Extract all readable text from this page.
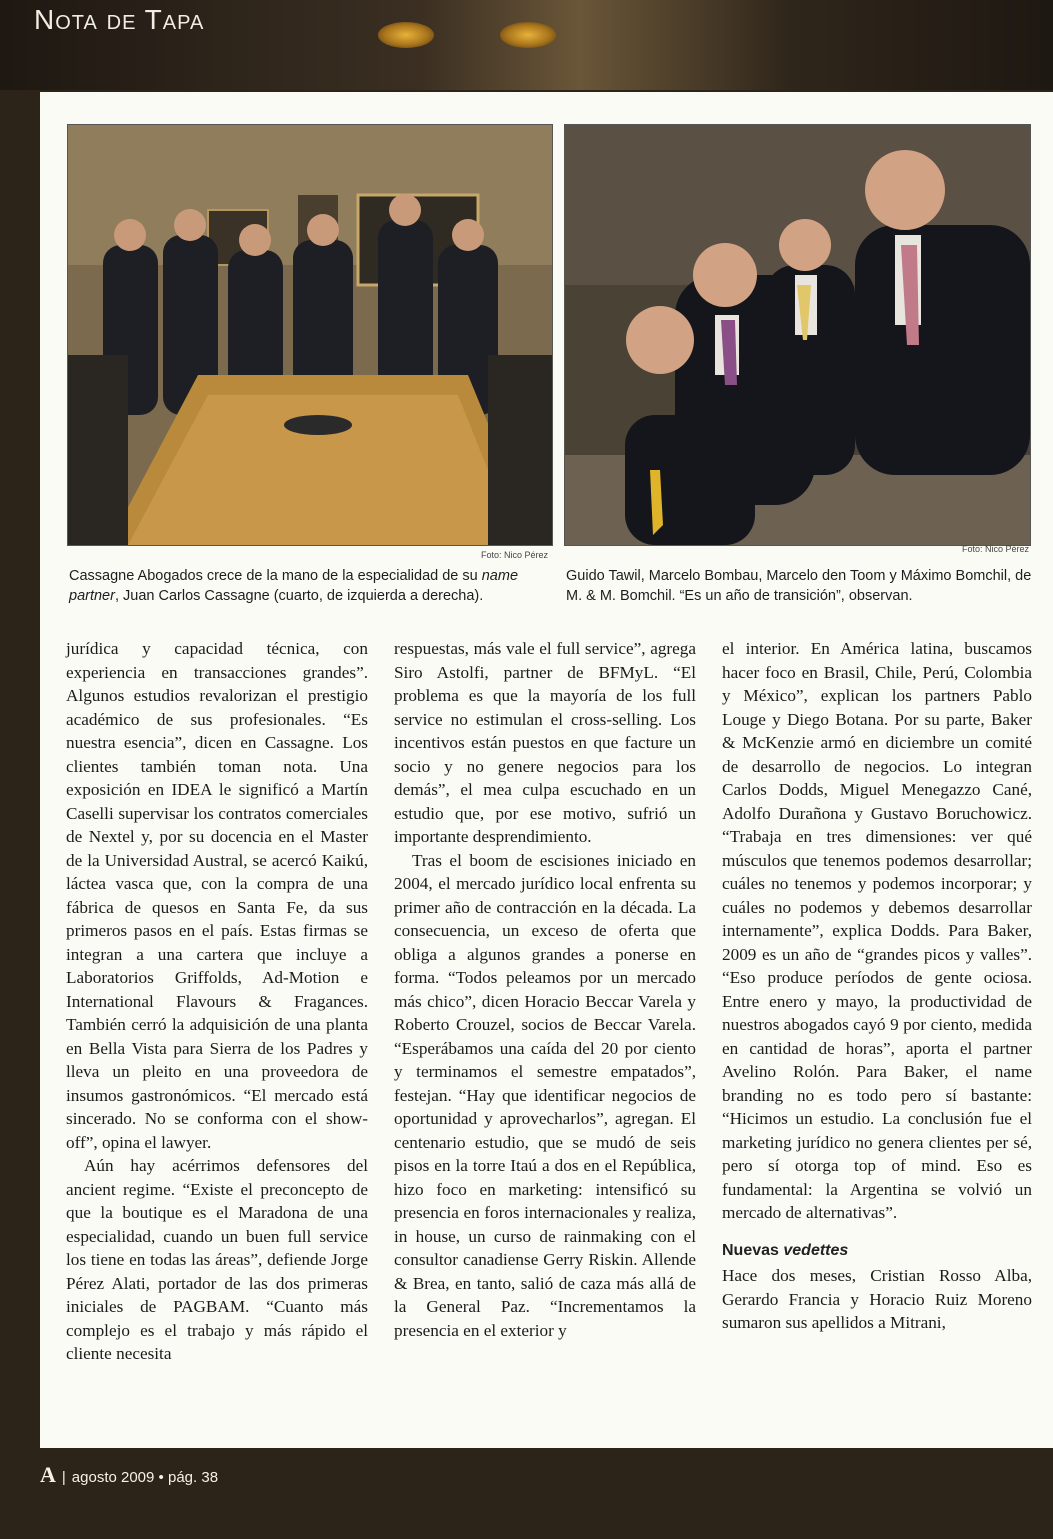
Nota de Tapa
Foto: Nico Pérez
Foto: Nico Pérez
Cassagne Abogados crece de la mano de la especialidad de su name partner, Juan Carlos Cassagne (cuarto, de izquierda a derecha).
Guido Tawil, Marcelo Bombau, Marcelo den Toom y Máximo Bomchil, de M. & M. Bomchil. “Es un año de transición”, observan.

jurídica y capacidad técnica, con experiencia en transacciones grandes”. Algunos estudios revalorizan el prestigio académico de sus profesionales. “Es nuestra esencia”, dicen en Cassagne. Los clientes también toman nota. Una exposición en IDEA le significó a Martín Caselli supervisar los contratos comerciales de Nextel y, por su docencia en el Master de la Universidad Austral, se acercó Kaikú, láctea vasca que, con la compra de una fábrica de quesos en Santa Fe, da sus primeros pasos en el país. Estas firmas se integran a una cartera que incluye a Laboratorios Griffolds, Ad-Motion e International Flavours & Fragances. También cerró la adquisición de una planta en Bella Vista para Sierra de los Padres y lleva un pleito en una proveedora de insumos gastronómicos. “El mercado está sincerado. No se conforma con el show-off”, opina el lawyer.

Aún hay acérrimos defensores del ancient regime. “Existe el preconcepto de que la boutique es el Maradona de una especialidad, cuando un buen full service los tiene en todas las áreas”, defiende Jorge Pérez Alati, portador de las dos primeras iniciales de PAGBAM. “Cuanto más complejo es el trabajo y más rápido el cliente necesita

respuestas, más vale el full service”, agrega Siro Astolfi, partner de BFMyL. “El problema es que la mayoría de los full service no estimulan el cross-selling. Los incentivos están puestos en que facture un socio y no genere negocios para los demás”, el mea culpa escuchado en un estudio que, por ese motivo, sufrió un importante desprendimiento.

Tras el boom de escisiones iniciado en 2004, el mercado jurídico local enfrenta su primer año de contracción en la década. La consecuencia, un exceso de oferta que obliga a algunos grandes a ponerse en forma. “Todos peleamos por un mercado más chico”, dicen Horacio Beccar Varela y Roberto Crouzel, socios de Beccar Varela. “Esperábamos una caída del 20 por ciento y terminamos el semestre empatados”, festejan. “Hay que identificar negocios de oportunidad y aprovecharlos”, agregan. El centenario estudio, que se mudó de seis pisos en la torre Itaú a dos en el República, hizo foco en marketing: intensificó su presencia en foros internacionales y realiza, in house, un curso de rainmaking con el consultor canadiense Gerry Riskin. Allende & Brea, en tanto, salió de caza más allá de la General Paz. “Incrementamos la presencia en el exterior y

el interior. En América latina, buscamos hacer foco en Brasil, Chile, Perú, Colombia y México”, explican los partners Pablo Louge y Diego Botana. Por su parte, Baker & McKenzie armó en diciembre un comité de desarrollo de negocios. Lo integran Carlos Dodds, Miguel Menegazzo Cané, Adolfo Durañona y Gustavo Boruchowicz. “Trabaja en tres dimensiones: ver qué músculos que tenemos podemos desarrollar; cuáles no tenemos y podemos incorporar; y cuáles no podemos y debemos desarrollar internamente”, explica Dodds. Para Baker, 2009 es un año de “grandes picos y valles”. “Eso produce períodos de gente ociosa. Entre enero y mayo, la productividad de nuestros abogados cayó 9 por ciento, medida en cantidad de horas”, aporta el partner Avelino Rolón. Para Baker, el name branding no es todo pero sí bastante: “Hicimos un estudio. La conclusión fue el marketing jurídico no genera clientes per sé, pero sí otorga top of mind. Eso es fundamental: la Argentina se volvió un mercado de alternativas”.

Nuevas vedettes

Hace dos meses, Cristian Rosso Alba, Gerardo Francia y Horacio Ruiz Moreno sumaron sus apellidos a Mitrani,

A | agosto 2009 • pág. 38
